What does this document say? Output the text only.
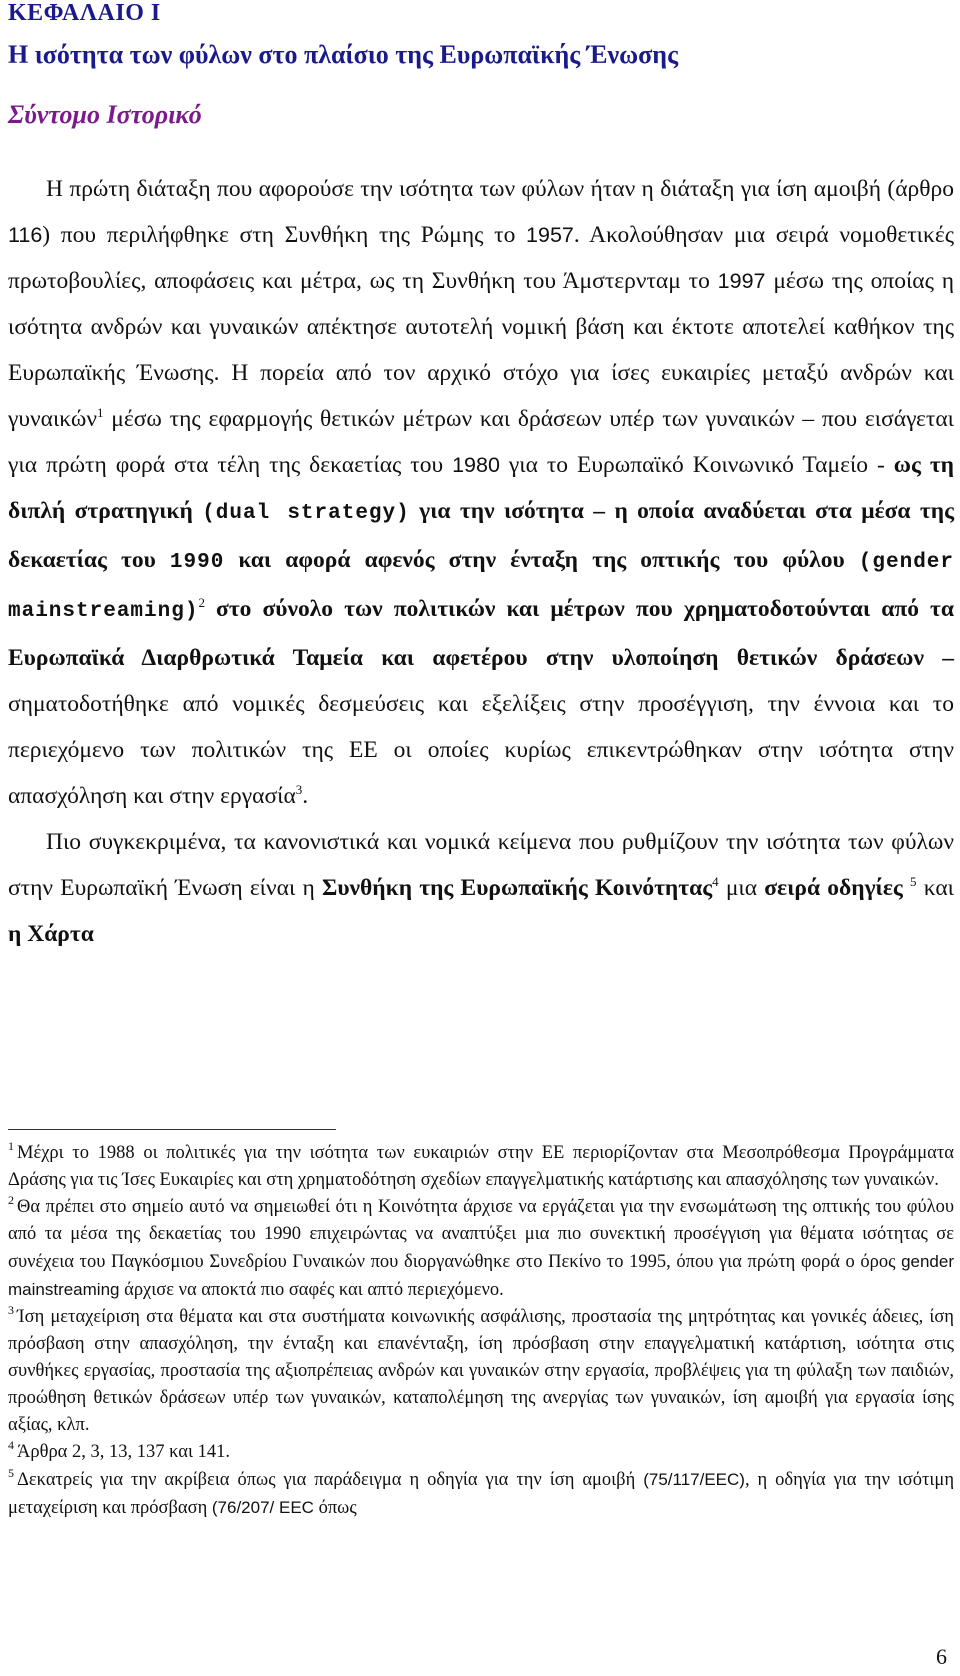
ΚΕΦΑΛΑΙΟ Ι
Η ισότητα των φύλων στο πλαίσιο της Ευρωπαϊκής Ένωσης
Σύντομο Ιστορικό

Η πρώτη διάταξη που αφορούσε την ισότητα των φύλων ήταν η διάταξη για ίση αμοιβή (άρθρο 116) που περιλήφθηκε στη Συνθήκη της Ρώμης το 1957. Ακολούθησαν μια σειρά νομοθετικές πρωτοβουλίες, αποφάσεις και μέτρα, ως τη Συνθήκη του Άμστερνταμ το 1997 μέσω της οποίας η ισότητα ανδρών και γυναικών απέκτησε αυτοτελή νομική βάση και έκτοτε αποτελεί καθήκον της Ευρωπαϊκής Ένωσης. Η πορεία από τον αρχικό στόχο για ίσες ευκαιρίες μεταξύ ανδρών και γυναικών$^1$ μέσω της εφαρμογής θετικών μέτρων και δράσεων υπέρ των γυναικών – που εισάγεται για πρώτη φορά στα τέλη της δεκαετίας του 1980 για το Ευρωπαϊκό Κοινωνικό Ταμείο - ως τη διπλή στρατηγική (dual strategy) για την ισότητα – η οποία αναδύεται στα μέσα της δεκαετίας του 1990 και αφορά αφενός στην ένταξη της οπτικής του φύλου (gender mainstreaming)$^2$ στο σύνολο των πολιτικών και μέτρων που χρηματοδοτούνται από τα Ευρωπαϊκά Διαρθρωτικά Ταμεία και αφετέρου στην υλοποίηση θετικών δράσεων – σηματοδοτήθηκε από νομικές δεσμεύσεις και εξελίξεις στην προσέγγιση, την έννοια και το περιεχόμενο των πολιτικών της ΕΕ οι οποίες κυρίως επικεντρώθηκαν στην ισότητα στην απασχόληση και στην εργασία$^3$.

Πιο συγκεκριμένα, τα κανονιστικά και νομικά κείμενα που ρυθμίζουν την ισότητα των φύλων στην Ευρωπαϊκή Ένωση είναι η Συνθήκη της Ευρωπαϊκής Κοινότητας$^4$ μια σειρά οδηγίες $^5$ και η Χάρτα

$^1$ Μέχρι το 1988 οι πολιτικές για την ισότητα των ευκαιριών στην ΕΕ περιορίζονταν στα Μεσοπρόθεσμα Προγράμματα Δράσης για τις Ίσες Ευκαιρίες και στη χρηματοδότηση σχεδίων επαγγελματικής κατάρτισης και απασχόλησης των γυναικών.

$^2$ Θα πρέπει στο σημείο αυτό να σημειωθεί ότι η Κοινότητα άρχισε να εργάζεται για την ενσωμάτωση της οπτικής του φύλου από τα μέσα της δεκαετίας του 1990 επιχειρώντας να αναπτύξει μια πιο συνεκτική προσέγγιση για θέματα ισότητας σε συνέχεια του Παγκόσμιου Συνεδρίου Γυναικών που διοργανώθηκε στο Πεκίνο το 1995, όπου για πρώτη φορά ο όρος gender mainstreaming άρχισε να αποκτά πιο σαφές και απτό περιεχόμενο.

$^3$ Ίση μεταχείριση στα θέματα και στα συστήματα κοινωνικής ασφάλισης, προστασία της μητρότητας και γονικές άδειες, ίση πρόσβαση στην απασχόληση, την ένταξη και επανένταξη, ίση πρόσβαση στην επαγγελματική κατάρτιση, ισότητα στις συνθήκες εργασίας, προστασία της αξιοπρέπειας ανδρών και γυναικών στην εργασία, προβλέψεις για τη φύλαξη των παιδιών, προώθηση θετικών δράσεων υπέρ των γυναικών, καταπολέμηση της ανεργίας των γυναικών, ίση αμοιβή για εργασία ίσης αξίας, κλπ.

$^4$ Άρθρα 2, 3, 13, 137 και 141.

$^5$ Δεκατρείς για την ακρίβεια όπως για παράδειγμα η οδηγία για την ίση αμοιβή (75/117/EEC), η οδηγία για την ισότιμη μεταχείριση και πρόσβαση (76/207/ EEC όπως

6
